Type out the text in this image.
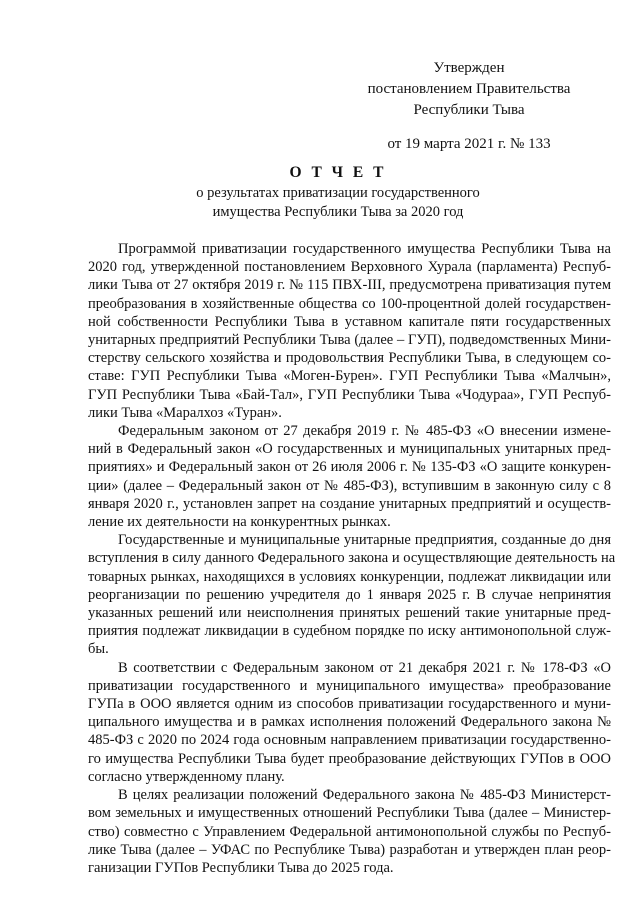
Утвержден
постановлением Правительства
Республики Тыва
от 19 марта 2021 г. № 133
О Т Ч Е Т
о результатах приватизации государственного
имущества Республики Тыва за 2020 год

Программой приватизации государственного имущества Республики Тыва на
2020 год, утвержденной постановлением Верховного Хурала (парламента) Респуб-
лики Тыва от 27 октября 2019 г. № 115 ПВХ-III, предусмотрена приватизация путем
преобразования в хозяйственные общества со 100-процентной долей государствен-
ной собственности Республики Тыва в уставном капитале пяти государственных
унитарных предприятий Республики Тыва (далее – ГУП), подведомственных Мини-
стерству сельского хозяйства и продовольствия Республики Тыва, в следующем со-
ставе: ГУП Республики Тыва «Моген-Бурен». ГУП Республики Тыва «Малчын»,
ГУП Республики Тыва «Бай-Тал», ГУП Республики Тыва «Чодураа», ГУП Респуб-
лики Тыва «Маралхоз «Туран».

Федеральным законом от 27 декабря 2019 г. № 485-ФЗ «О внесении измене-
ний в Федеральный закон «О государственных и муниципальных унитарных пред-
приятиях» и Федеральный закон от 26 июля 2006 г. № 135-ФЗ «О защите конкурен-
ции» (далее – Федеральный закон от № 485-ФЗ), вступившим в законную силу с 8
января 2020 г., установлен запрет на создание унитарных предприятий и осуществ-
ление их деятельности на конкурентных рынках.

Государственные и муниципальные унитарные предприятия, созданные до дня
вступления в силу данного Федерального закона и осуществляющие деятельность на
товарных рынках, находящихся в условиях конкуренции, подлежат ликвидации или
реорганизации по решению учредителя до 1 января 2025 г. В случае непринятия
указанных решений или неисполнения принятых решений такие унитарные пред-
приятия подлежат ликвидации в судебном порядке по иску антимонопольной служ-
бы.

В соответствии с Федеральным законом от 21 декабря 2021 г. № 178-ФЗ «О
приватизации государственного и муниципального имущества» преобразование
ГУПа в ООО является одним из способов приватизации государственного и муни-
ципального имущества и в рамках исполнения положений Федерального закона №
485-ФЗ с 2020 по 2024 года основным направлением приватизации государственно-
го имущества Республики Тыва будет преобразование действующих ГУПов в ООО
согласно утвержденному плану.

В целях реализации положений Федерального закона № 485-ФЗ Министерст-
вом земельных и имущественных отношений Республики Тыва (далее – Министер-
ство) совместно с Управлением Федеральной антимонопольной службы по Респуб-
лике Тыва (далее – УФАС по Республике Тыва) разработан и утвержден план реор-
ганизации ГУПов Республики Тыва до 2025 года.
